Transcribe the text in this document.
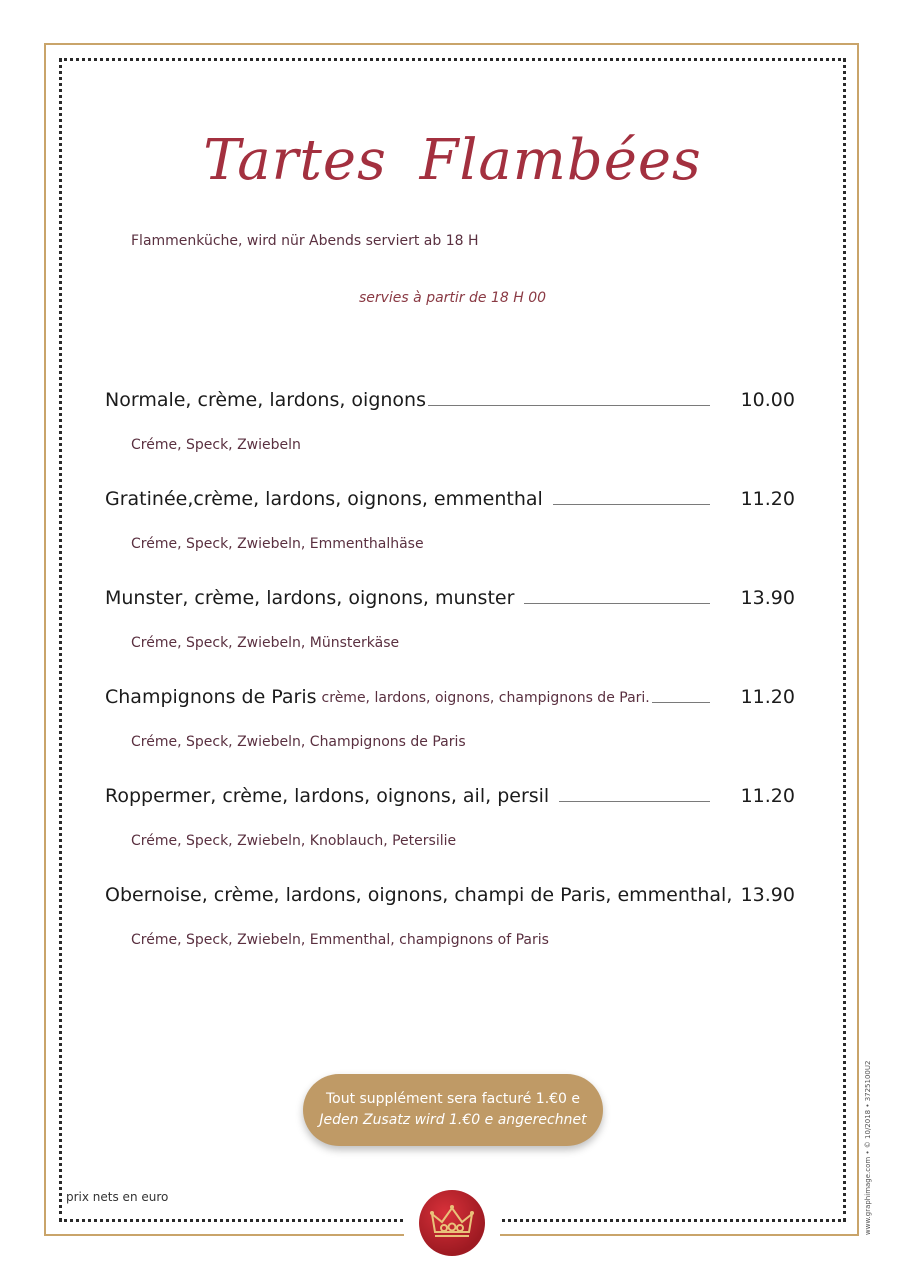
Tartes Flambées
Flammenküche, wird nür Abends serviert ab 18 H
servies à partir de 18 H 00
Normale, crème, lardons, oignons	10.00
Créme, Speck, Zwiebeln
Gratinée,crème, lardons, oignons, emmenthal	11.20
Créme, Speck, Zwiebeln, Emmenthalhäse
Munster, crème, lardons, oignons, munster	13.90
Créme, Speck, Zwiebeln, Münsterkäse
Champignons de Paris crème, lardons, oignons, champignons de Pari.	11.20
Créme, Speck, Zwiebeln, Champignons de Paris
Roppermer, crème, lardons, oignons, ail, persil	11.20
Créme, Speck, Zwiebeln, Knoblauch, Petersilie
Obernoise, crème, lardons, oignons, champi de Paris, emmenthal, 13.90
Créme, Speck, Zwiebeln, Emmenthal, champignons of Paris
Tout supplément sera facturé 1.€0 e
Jeden Zusatz wird 1.€0 e angerechnet
prix nets en euro	www.graphimage.com • © 10/2018 • 3725100U2
